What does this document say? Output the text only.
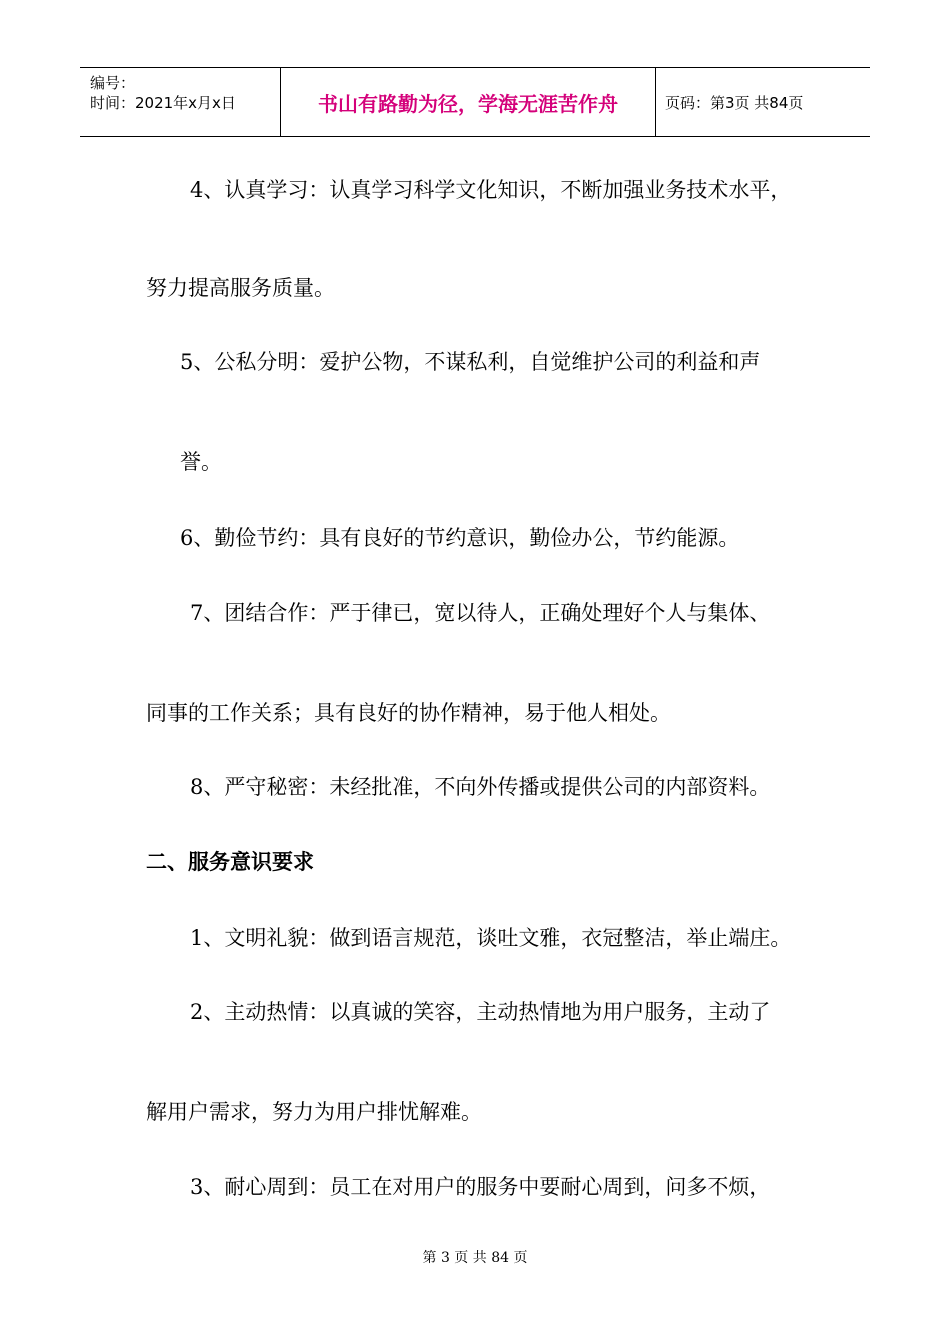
编号：
时间：2021年x月x日	书山有路勤为径，学海无涯苦作舟	页码：第3页 共84页
4、认真学习：认真学习科学文化知识，不断加强业务技术水平，
努力提高服务质量。
5、公私分明：爱护公物，不谋私利，自觉维护公司的利益和声
誉。
6、勤俭节约：具有良好的节约意识，勤俭办公，节约能源。
7、团结合作：严于律已，宽以待人，正确处理好个人与集体、
同事的工作关系；具有良好的协作精神，易于他人相处。
8、严守秘密：未经批准，不向外传播或提供公司的内部资料。
二、服务意识要求
1、文明礼貌：做到语言规范，谈吐文雅，衣冠整洁，举止端庄。
2、主动热情：以真诚的笑容，主动热情地为用户服务，主动了
解用户需求，努力为用户排忧解难。
3、耐心周到：员工在对用户的服务中要耐心周到，问多不烦，
第 3 页 共 84 页
